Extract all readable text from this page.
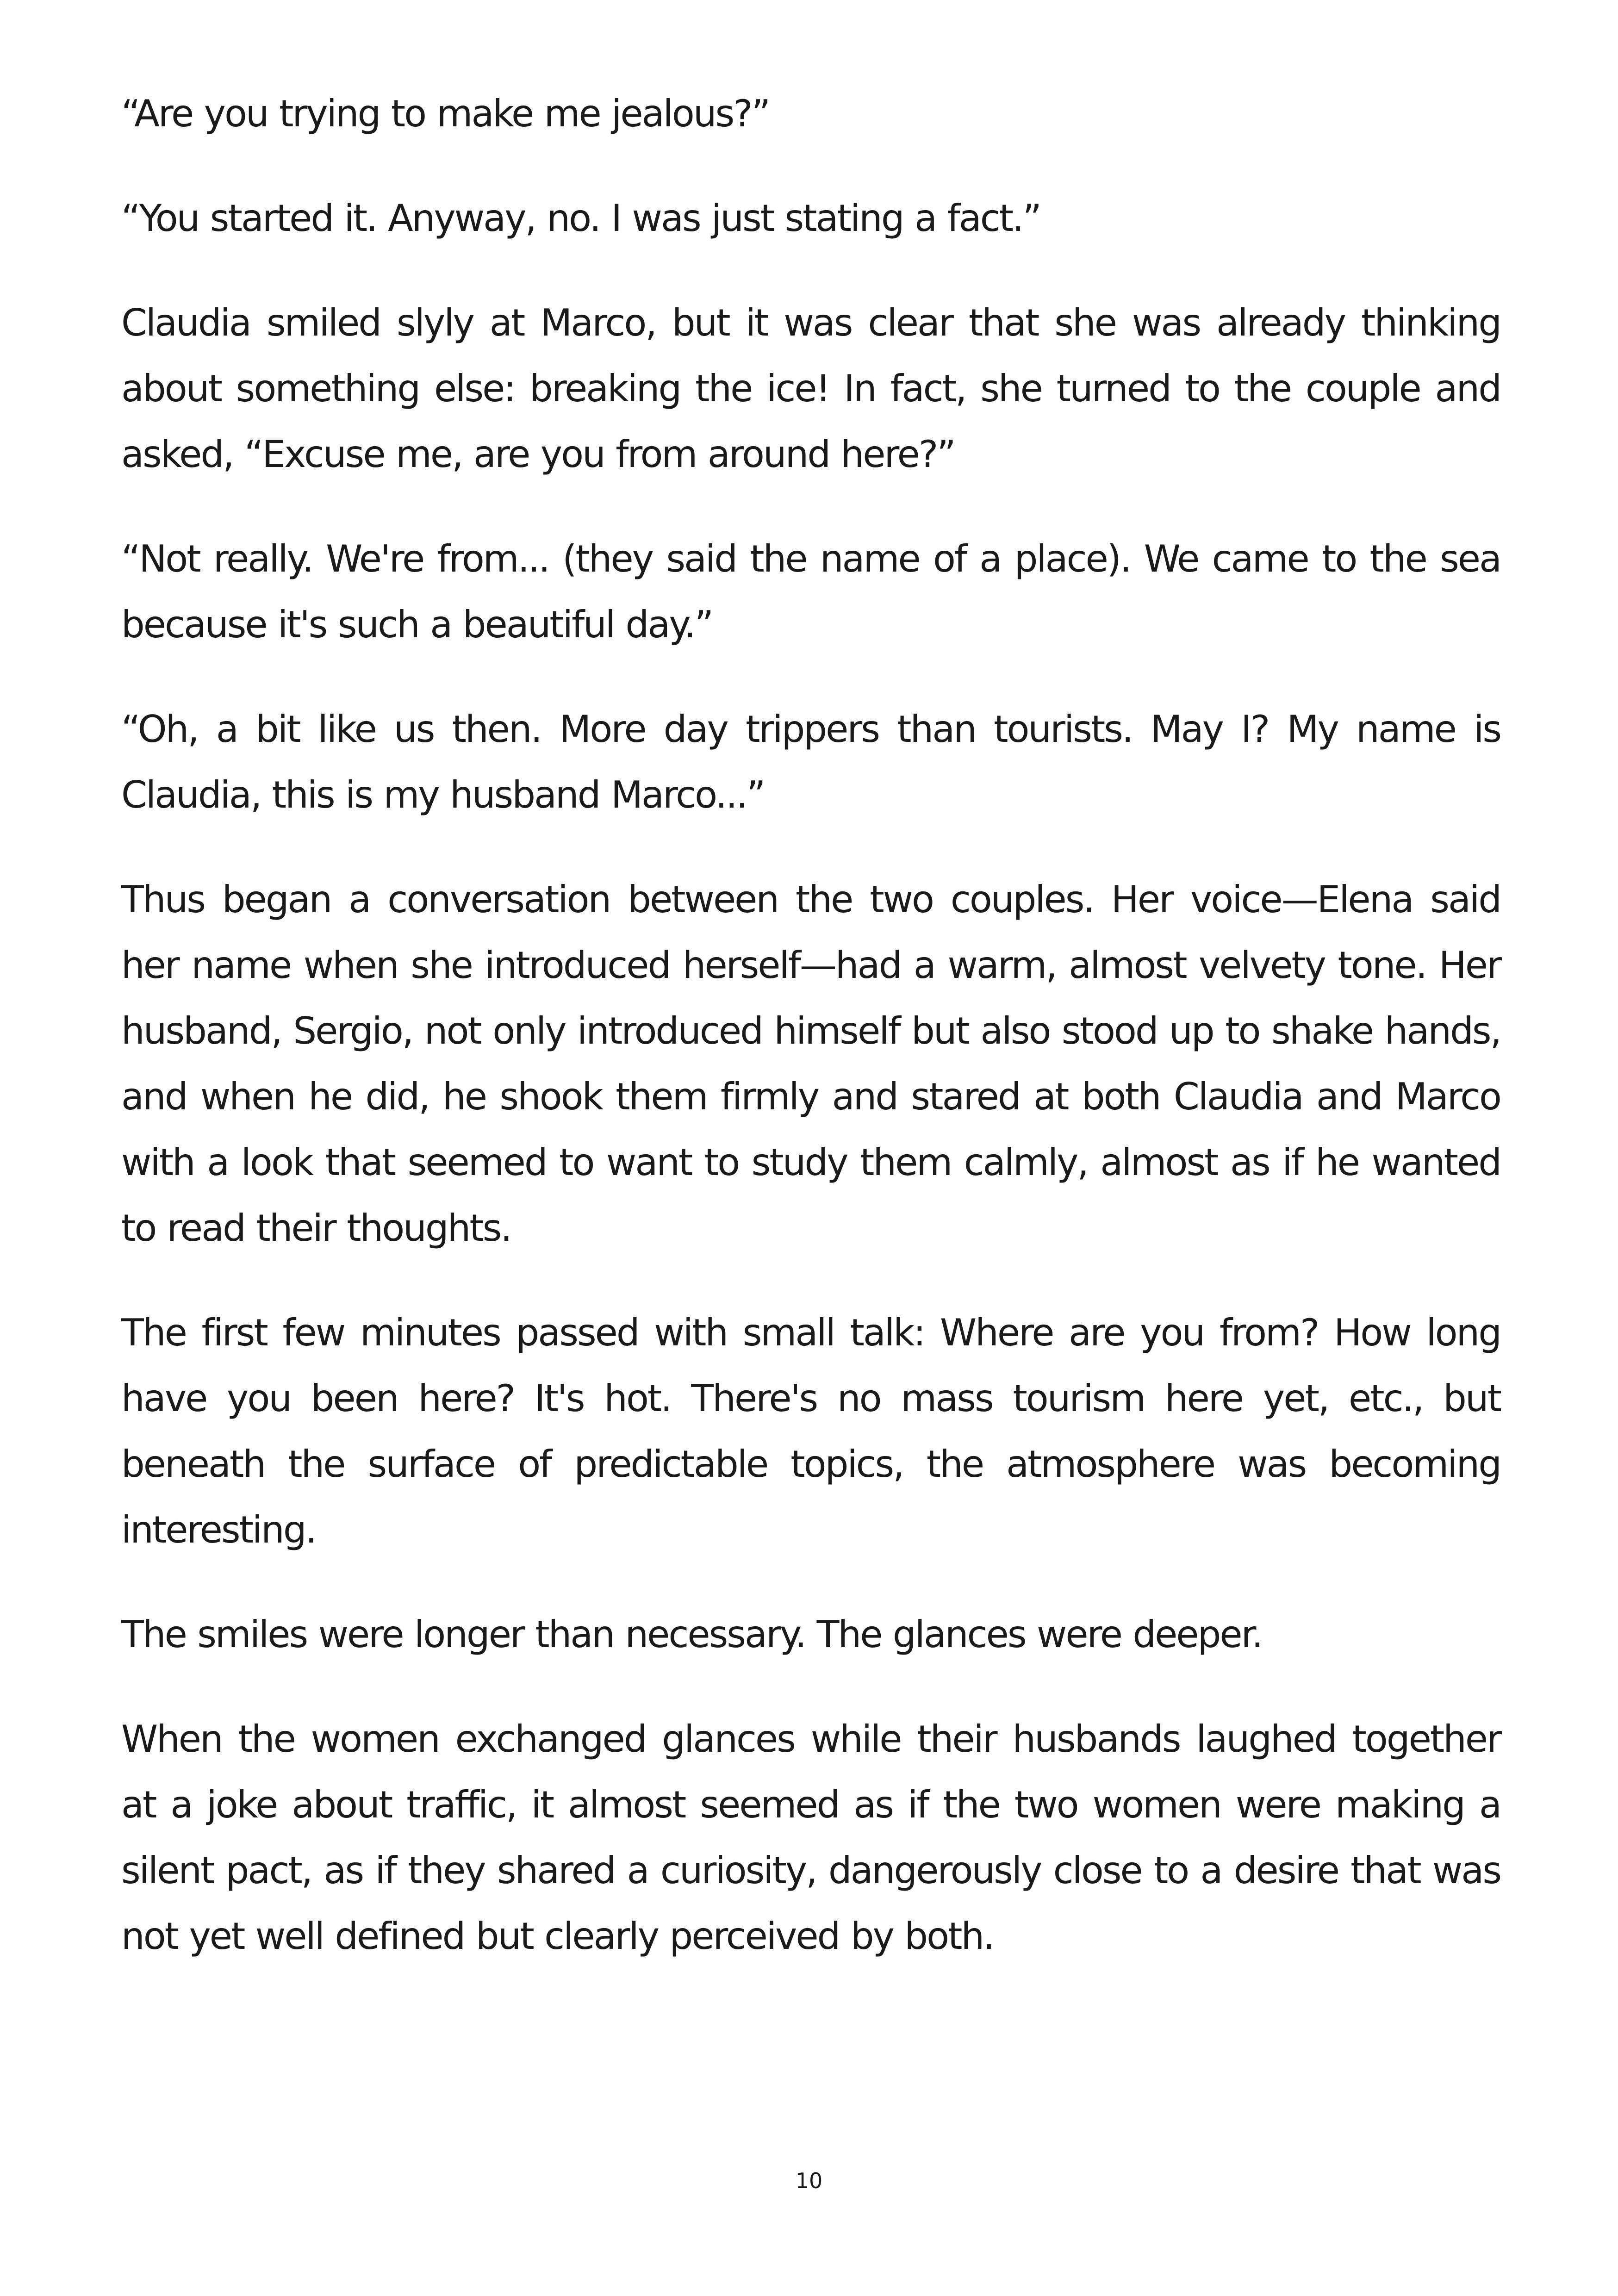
“Are you trying to make me jealous?”

“You started it. Anyway, no. I was just stating a fact.”

Claudia smiled slyly at Marco, but it was clear that she was already thinking about something else: breaking the ice! In fact, she turned to the couple and asked, “Excuse me, are you from around here?”

“Not really. We're from... (they said the name of a place). We came to the sea because it's such a beautiful day.”

“Oh, a bit like us then. More day trippers than tourists. May I? My name is Claudia, this is my husband Marco...”

Thus began a conversation between the two couples. Her voice—Elena said her name when she introduced herself—had a warm, almost velvety tone. Her husband, Sergio, not only introduced himself but also stood up to shake hands, and when he did, he shook them firmly and stared at both Claudia and Marco with a look that seemed to want to study them calmly, almost as if he wanted to read their thoughts.

The first few minutes passed with small talk: Where are you from? How long have you been here? It's hot. There's no mass tourism here yet, etc., but beneath the surface of predictable topics, the atmosphere was becoming interesting.

The smiles were longer than necessary. The glances were deeper.

When the women exchanged glances while their husbands laughed together at a joke about traffic, it almost seemed as if the two women were making a silent pact, as if they shared a curiosity, dangerously close to a desire that was not yet well defined but clearly perceived by both.

10
